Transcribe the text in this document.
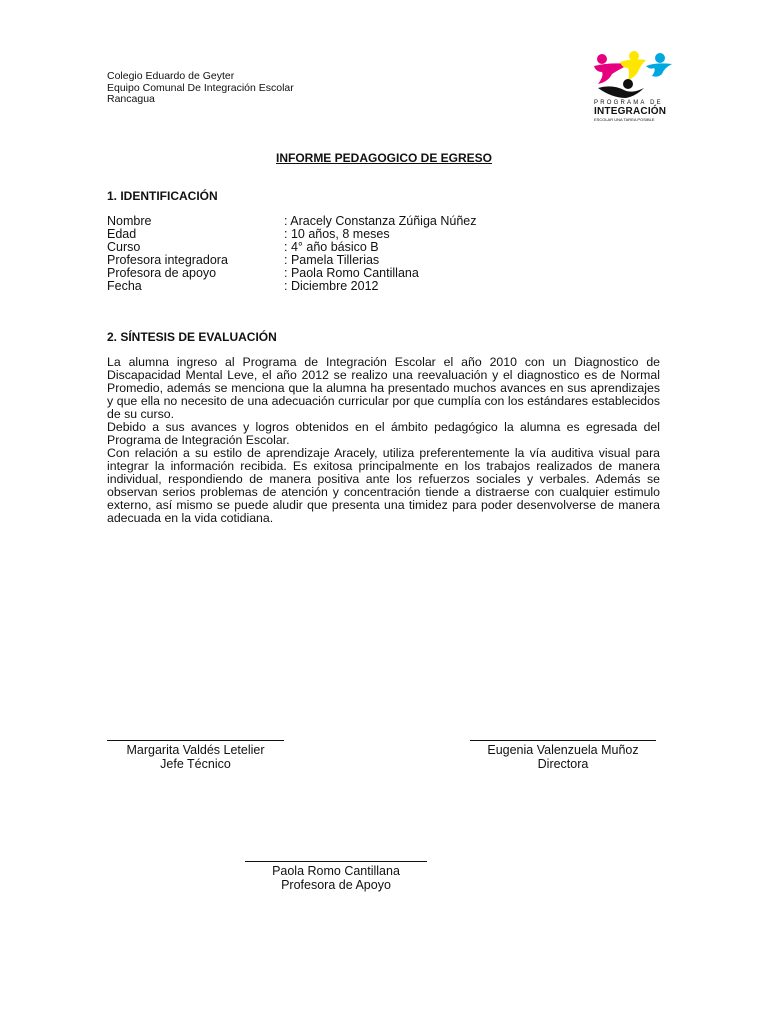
Colegio Eduardo de Geyter
Equipo Comunal De Integración Escolar
Rancagua	PROGRAMA DE
INTEGRACIÓN
ESCOLAR UNA TAREA POSIBLE
INFORME PEDAGOGICO DE EGRESO
1. IDENTIFICACIÓN
Nombre	: Aracely Constanza Zúñiga Núñez
Edad	: 10 años, 8 meses
Curso	: 4° año básico B
Profesora integradora	: Pamela Tillerias
Profesora de apoyo	: Paola Romo Cantillana
Fecha	: Diciembre 2012
2. SÍNTESIS DE EVALUACIÓN

La alumna ingreso al Programa de Integración Escolar el año 2010 con un Diagnostico de Discapacidad Mental Leve, el año 2012 se realizo una reevaluación y el diagnostico es de Normal Promedio, además se menciona que la alumna ha presentado muchos avances en sus aprendizajes y que ella no necesito de una adecuación curricular por que cumplía con los estándares establecidos de su curso.

Debido a sus avances y logros obtenidos en el ámbito pedagógico la alumna es egresada del Programa de Integración Escolar.

Con relación a su estilo de aprendizaje Aracely, utiliza preferentemente la vía auditiva visual para integrar la información recibida. Es exitosa principalmente en los trabajos realizados de manera individual, respondiendo de manera positiva ante los refuerzos sociales y verbales. Además se observan serios problemas de atención y concentración tiende a distraerse con cualquier estimulo externo, así mismo se puede aludir que presenta una timidez para poder desenvolverse de manera adecuada en la vida cotidiana.

Margarita Valdés Letelier
Jefe Técnico
Eugenia Valenzuela Muñoz
Directora
Paola Romo Cantillana
Profesora de Apoyo
